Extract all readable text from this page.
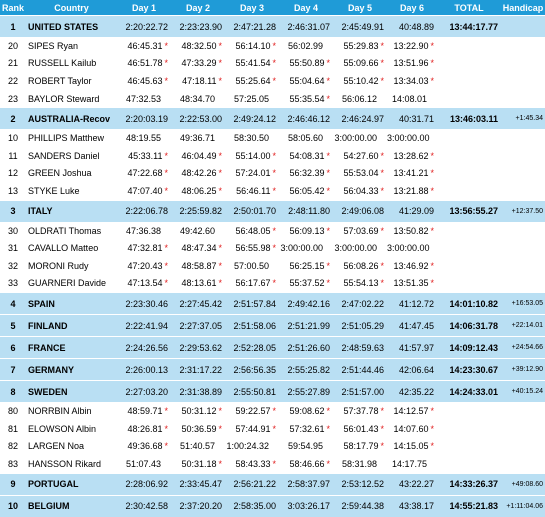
Rank	Country	Day 1	Day 2	Day 3	Day 4	Day 5	Day 6	TOTAL	Handicap
1	UNITED STATES	2:20:22.72	2:23:23.90	2:47:21.28	2:46:31.07	2:45:49.91	40:48.89	13:44:17.77	
20	SIPES Ryan	46:45.31 *	48:32.50 *	56:14.10 *	56:02.99	55:29.83 *	13:22.90 *		
21	RUSSELL Kailub	46:51.78 *	47:33.29 *	55:41.54 *	55:50.89 *	55:09.66 *	13:51.96 *		
22	ROBERT Taylor	46:45.63 *	47:18.11 *	55:25.64 *	55:04.64 *	55:10.42 *	13:34.03 *		
23	BAYLOR Steward	47:32.53	48:34.70	57:25.05	55:35.54 *	56:06.12	14:08.01		
2	AUSTRALIA-Recov	2:20:03.19	2:22:53.00	2:49:24.12	2:46:46.12	2:46:24.97	40:31.71	13:46:03.11	+1:45.34
10	PHILLIPS Matthew	48:19.55	49:36.71	58:30.50	58:05.60	3:00:00.00	3:00:00.00		
11	SANDERS Daniel	45:33.11 *	46:04.49 *	55:14.00 *	54:08.31 *	54:27.60 *	13:28.62 *		
12	GREEN Joshua	47:22.68 *	48:42.26 *	57:24.01 *	56:32.39 *	55:53.04 *	13:41.21 *		
13	STYKE Luke	47:07.40 *	48:06.25 *	56:46.11 *	56:05.42 *	56:04.33 *	13:21.88 *		
3	ITALY	2:22:06.78	2:25:59.82	2:50:01.70	2:48:11.80	2:49:06.08	41:29.09	13:56:55.27	+12:37.50
30	OLDRATI Thomas	47:36.38	49:42.60	56:48.05 *	56:09.13 *	57:03.69 *	13:50.82 *		
31	CAVALLO Matteo	47:32.81 *	48:47.34 *	56:55.98 *	3:00:00.00	3:00:00.00	3:00:00.00		
32	MORONI Rudy	47:20.43 *	48:58.87 *	57:00.50	56:25.15 *	56:08.26 *	13:46.92 *		
33	GUARNERI Davide	47:13.54 *	48:13.61 *	56:17.67 *	55:37.52 *	55:54.13 *	13:51.35 *		
4	SPAIN	2:23:30.46	2:27:45.42	2:51:57.84	2:49:42.16	2:47:02.22	41:12.72	14:01:10.82	+16:53.05
5	FINLAND	2:22:41.94	2:27:37.05	2:51:58.06	2:51:21.99	2:51:05.29	41:47.45	14:06:31.78	+22:14.01
6	FRANCE	2:24:26.56	2:29:53.62	2:52:28.05	2:51:26.60	2:48:59.63	41:57.97	14:09:12.43	+24:54.66
7	GERMANY	2:26:00.13	2:31:17.22	2:56:56.35	2:55:25.82	2:51:44.46	42:06.64	14:23:30.67	+39:12.90
8	SWEDEN	2:27:03.20	2:31:38.89	2:55:50.81	2:55:27.89	2:51:57.00	42:35.22	14:24:33.01	+40:15.24
80	NORRBIN Albin	48:59.71 *	50:31.12 *	59:22.57 *	59:08.62 *	57:37.78 *	14:12.57 *		
81	ELOWSON Albin	48:26.81 *	50:36.59 *	57:44.91 *	57:32.61 *	56:01.43 *	14:07.60 *		
82	LARGEN Noa	49:36.68 *	51:40.57	1:00:24.32	59:54.95	58:17.79 *	14:15.05 *		
83	HANSSON Rikard	51:07.43	50:31.18 *	58:43.33 *	58:46.66 *	58:31.98	14:17.75		
9	PORTUGAL	2:28:06.92	2:33:45.47	2:56:21.22	2:58:37.97	2:53:12.52	43:22.27	14:33:26.37	+49:08.60
10	BELGIUM	2:30:42.58	2:37:20.20	2:58:35.00	3:03:26.17	2:59:44.38	43:38.17	14:55:21.83	+1:11:04.06
